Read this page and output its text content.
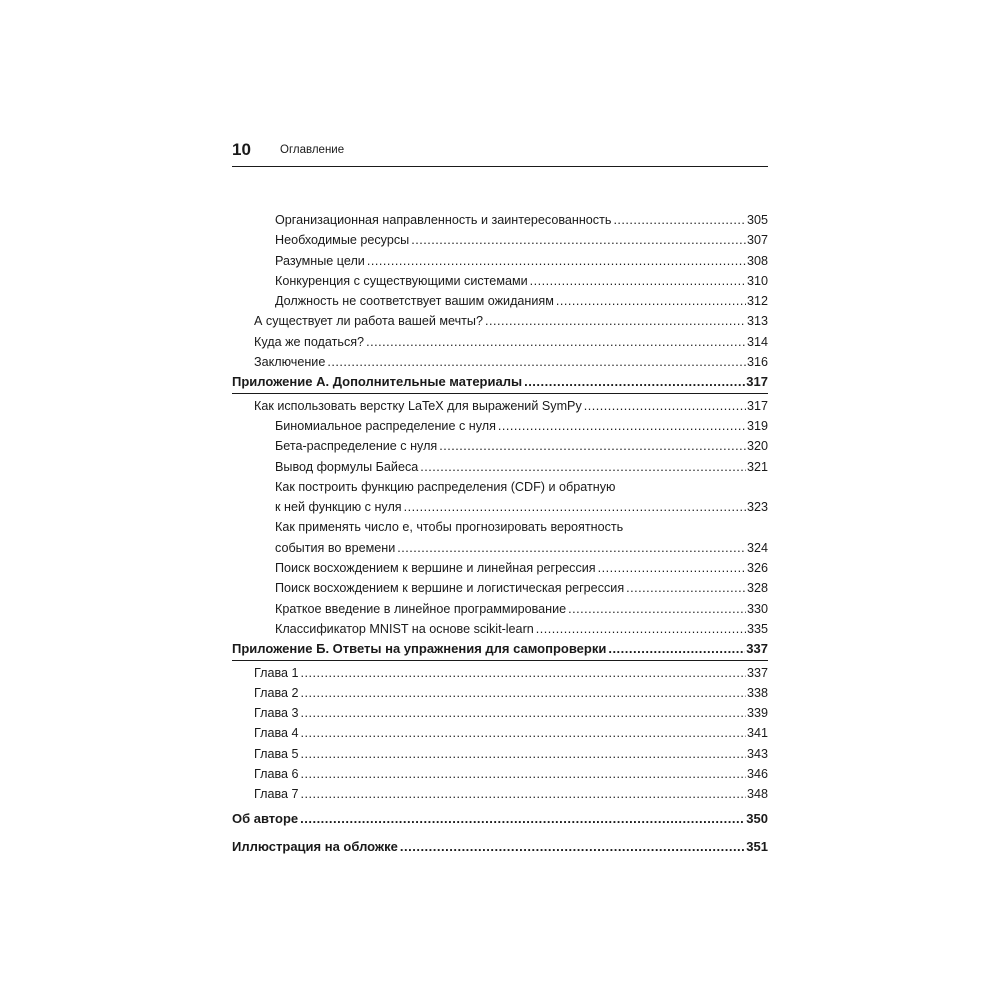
10	Оглавление
Организационная направленность и заинтересованность .....	305
Необходимые ресурсы .....	307
Разумные цели .....	308
Конкуренция с существующими системами .....	310
Должность не соответствует вашим ожиданиям .....	312
А существует ли работа вашей мечты? .....	313
Куда же податься? .....	314
Заключение .....	316
Приложение А. Дополнительные материалы .....	317
Как использовать верстку LaTeX для выражений SymPy .....	317
Биномиальное распределение с нуля .....	319
Бета-распределение с нуля .....	320
Вывод формулы Байеса .....	321
Как построить функцию распределения (CDF) и обратную
к ней функцию с нуля .....	323
Как применять число e, чтобы прогнозировать вероятность
события во времени .....	324
Поиск восхождением к вершине и линейная регрессия .....	326
Поиск восхождением к вершине и логистическая регрессия .....	328
Краткое введение в линейное программирование .....	330
Классификатор MNIST на основе scikit-learn .....	335
Приложение Б. Ответы на упражнения для самопроверки .....	337
Глава 1 .....	337
Глава 2 .....	338
Глава 3 .....	339
Глава 4 .....	341
Глава 5 .....	343
Глава 6 .....	346
Глава 7 .....	348
Об авторе .....	350
Иллюстрация на обложке .....	351
